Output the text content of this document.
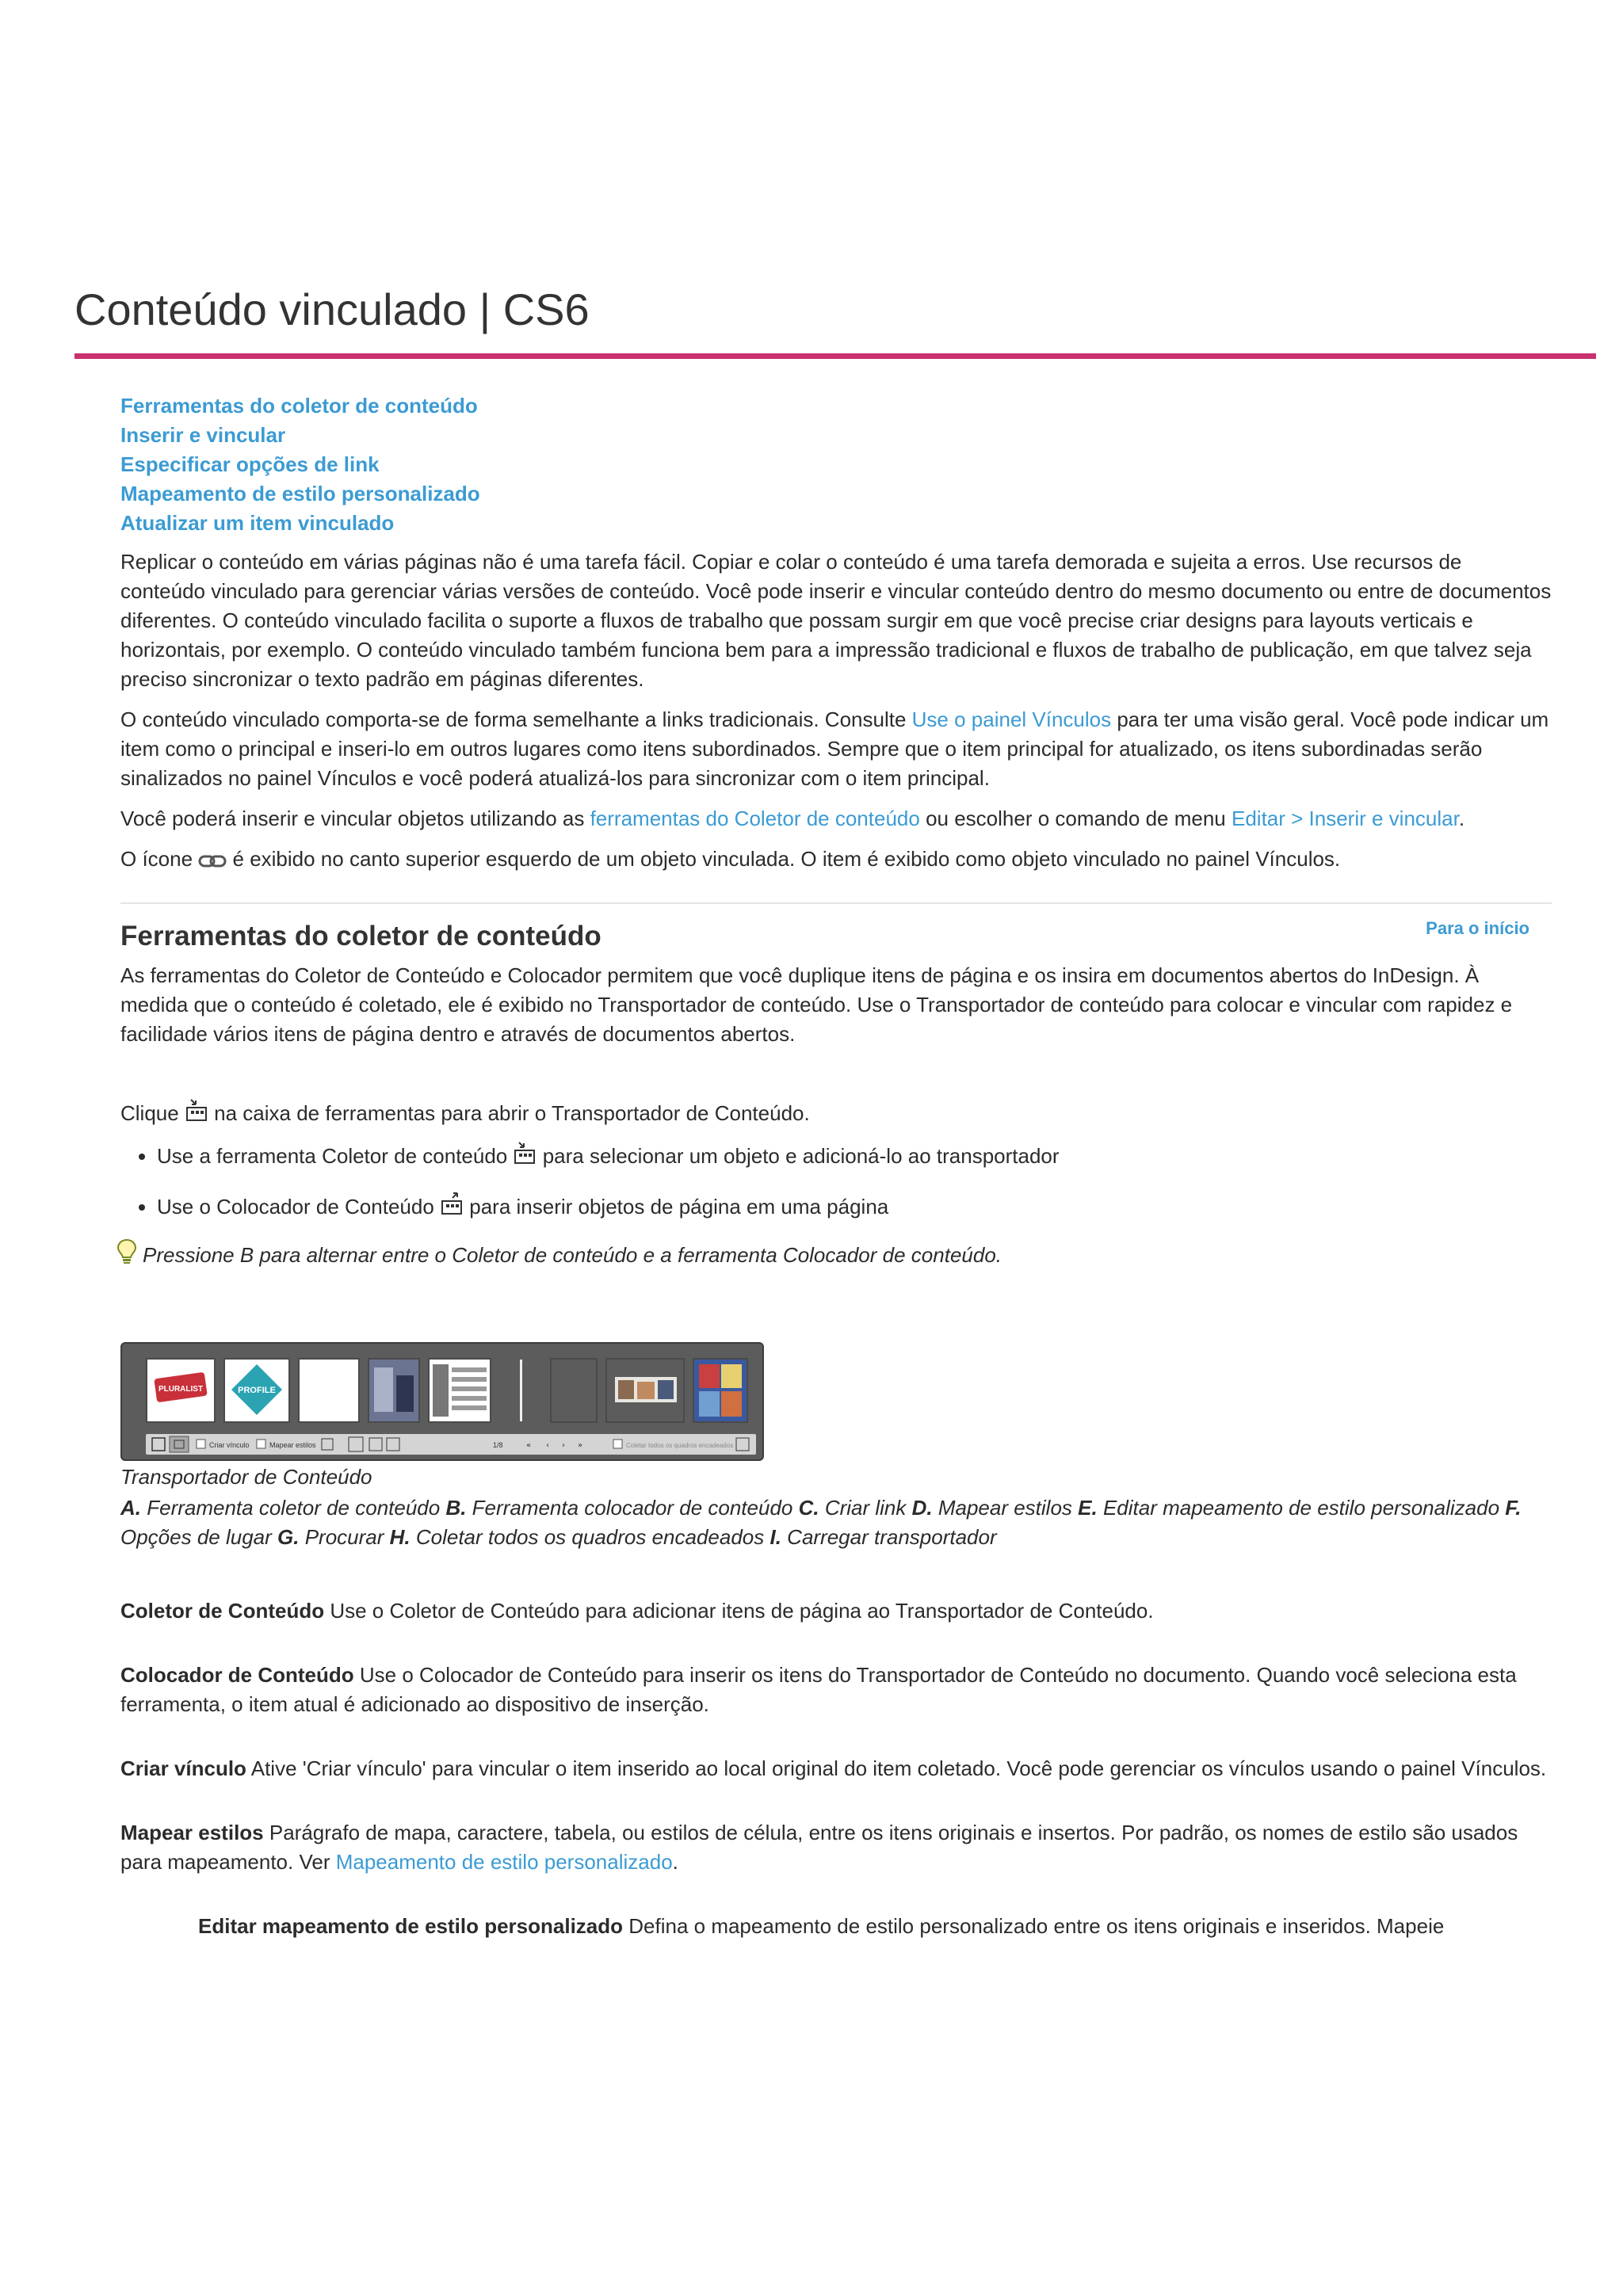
Conteúdo vinculado | CS6
Ferramentas do coletor de conteúdo
Inserir e vincular
Especificar opções de link
Mapeamento de estilo personalizado
Atualizar um item vinculado

Replicar o conteúdo em várias páginas não é uma tarefa fácil. Copiar e colar o conteúdo é uma tarefa demorada e sujeita a erros. Use recursos de conteúdo vinculado para gerenciar várias versões de conteúdo. Você pode inserir e vincular conteúdo dentro do mesmo documento ou entre de documentos diferentes. O conteúdo vinculado facilita o suporte a fluxos de trabalho que possam surgir em que você precise criar designs para layouts verticais e horizontais, por exemplo. O conteúdo vinculado também funciona bem para a impressão tradicional e fluxos de trabalho de publicação, em que talvez seja preciso sincronizar o texto padrão em páginas diferentes.

O conteúdo vinculado comporta-se de forma semelhante a links tradicionais. Consulte Use o painel Vínculos para ter uma visão geral. Você pode indicar um item como o principal e inseri-lo em outros lugares como itens subordinados. Sempre que o item principal for atualizado, os itens subordinadas serão sinalizados no painel Vínculos e você poderá atualizá-los para sincronizar com o item principal.

Você poderá inserir e vincular objetos utilizando as ferramentas do Coletor de conteúdo ou escolher o comando de menu Editar > Inserir e vincular.

O ícone  é exibido no canto superior esquerdo de um objeto vinculada. O item é exibido como objeto vinculado no painel Vínculos.

Ferramentas do coletor de conteúdo	Para o início

As ferramentas do Coletor de Conteúdo e Colocador permitem que você duplique itens de página e os insira em documentos abertos do InDesign. À medida que o conteúdo é coletado, ele é exibido no Transportador de conteúdo. Use o Transportador de conteúdo para colocar e vincular com rapidez e facilidade vários itens de página dentro e através de documentos abertos.

Clique  na caixa de ferramentas para abrir o Transportador de Conteúdo.

• Use a ferramenta Coletor de conteúdo  para selecionar um objeto e adicioná-lo ao transportador
• Use o Colocador de Conteúdo  para inserir objetos de página em uma página

Pressione B para alternar entre o Coletor de conteúdo e a ferramenta Colocador de conteúdo.

PLURALIST	PROFILE
Criar vínculo	Mapear estilos	1/8	« ‹ › »	Coletar todos os quadros encadeados

Transportador de Conteúdo

A. Ferramenta coletor de conteúdo B. Ferramenta colocador de conteúdo C. Criar link D. Mapear estilos E. Editar mapeamento de estilo personalizado F. Opções de lugar G. Procurar H. Coletar todos os quadros encadeados I. Carregar transportador

Coletor de Conteúdo Use o Coletor de Conteúdo para adicionar itens de página ao Transportador de Conteúdo.

Colocador de Conteúdo Use o Colocador de Conteúdo para inserir os itens do Transportador de Conteúdo no documento. Quando você seleciona esta ferramenta, o item atual é adicionado ao dispositivo de inserção.

Criar vínculo Ative 'Criar vínculo' para vincular o item inserido ao local original do item coletado. Você pode gerenciar os vínculos usando o painel Vínculos.

Mapear estilos Parágrafo de mapa, caractere, tabela, ou estilos de célula, entre os itens originais e insertos. Por padrão, os nomes de estilo são usados para mapeamento. Ver Mapeamento de estilo personalizado.

Editar mapeamento de estilo personalizado Defina o mapeamento de estilo personalizado entre os itens originais e inseridos. Mapeie
